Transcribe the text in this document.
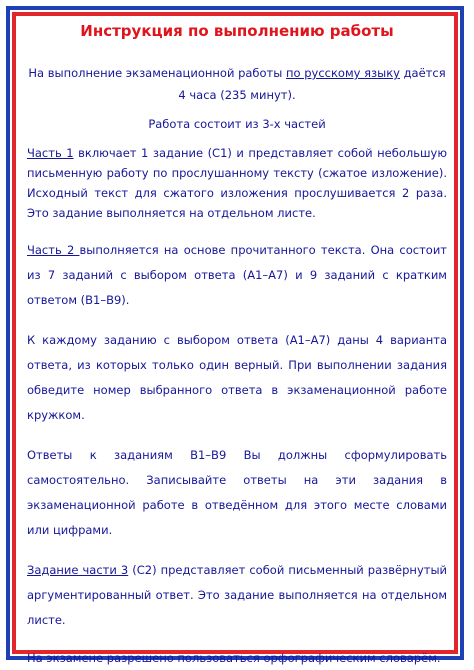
Инструкция по выполнению работы
На выполнение экзаменационной работы по русскому языку даётся 4 часа (235 минут).
Работа состоит из 3-х частей
Часть 1 включает 1 задание (С1) и представляет собой небольшую письменную работу по прослушанному тексту (сжатое изложение). Исходный текст для сжатого изложения прослушивается 2 раза. Это задание выполняется на отдельном листе.
Часть 2 выполняется на основе прочитанного текста. Она состоит из 7 заданий с выбором ответа (А1–А7) и 9 заданий с кратким ответом (В1–В9).
К каждому заданию с выбором ответа (А1–А7) даны 4 варианта ответа, из которых только один верный. При выполнении задания обведите номер выбранного ответа в экзаменационной работе кружком.
Ответы к заданиям В1–В9 Вы должны сформулировать самостоятельно. Записывайте ответы на эти задания в экзаменационной работе в отведённом для этого месте словами или цифрами.
Задание части 3 (С2) представляет собой письменный развёрнутый аргументированный ответ. Это задание выполняется на отдельном листе.
На экзамене разрешено пользоваться орфографическим словарём.
